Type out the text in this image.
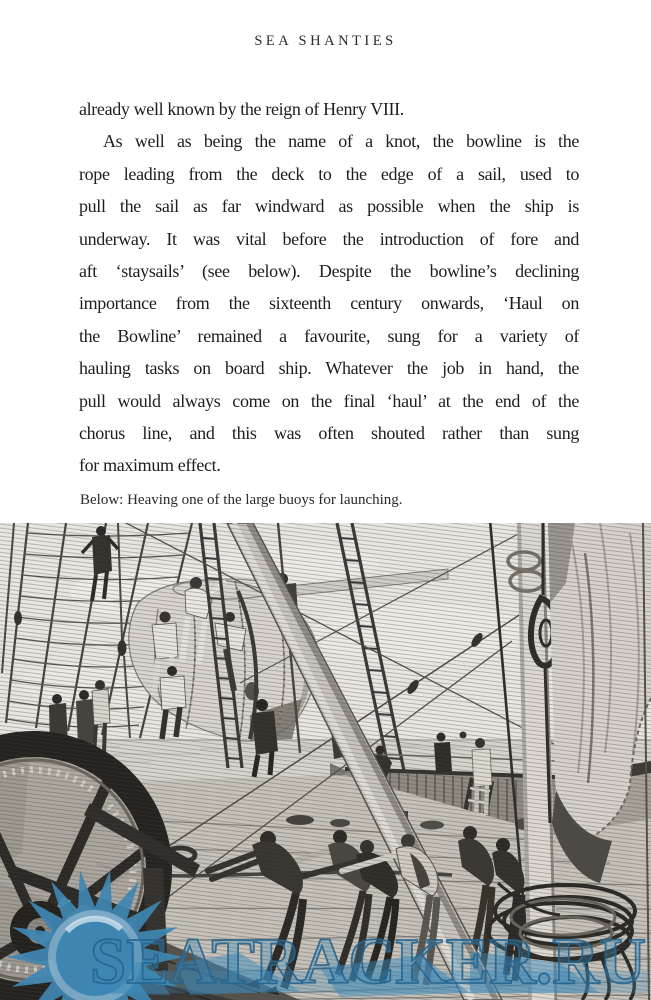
SEA SHANTIES
already well known by the reign of Henry VIII.
As well as being the name of a knot, the bowline is the
rope leading from the deck to the edge of a sail, used to
pull the sail as far windward as possible when the ship is
underway. It was vital before the introduction of fore and
aft ‘staysails’ (see below). Despite the bowline’s declining
importance from the sixteenth century onwards, ‘Haul on
the Bowline’ remained a favourite, sung for a variety of
hauling tasks on board ship. Whatever the job in hand, the
pull would always come on the final ‘haul’ at the end of the
chorus line, and this was often shouted rather than sung
for maximum effect.
Below: Heaving one of the large buoys for launching.
SEATRACKER.RU
